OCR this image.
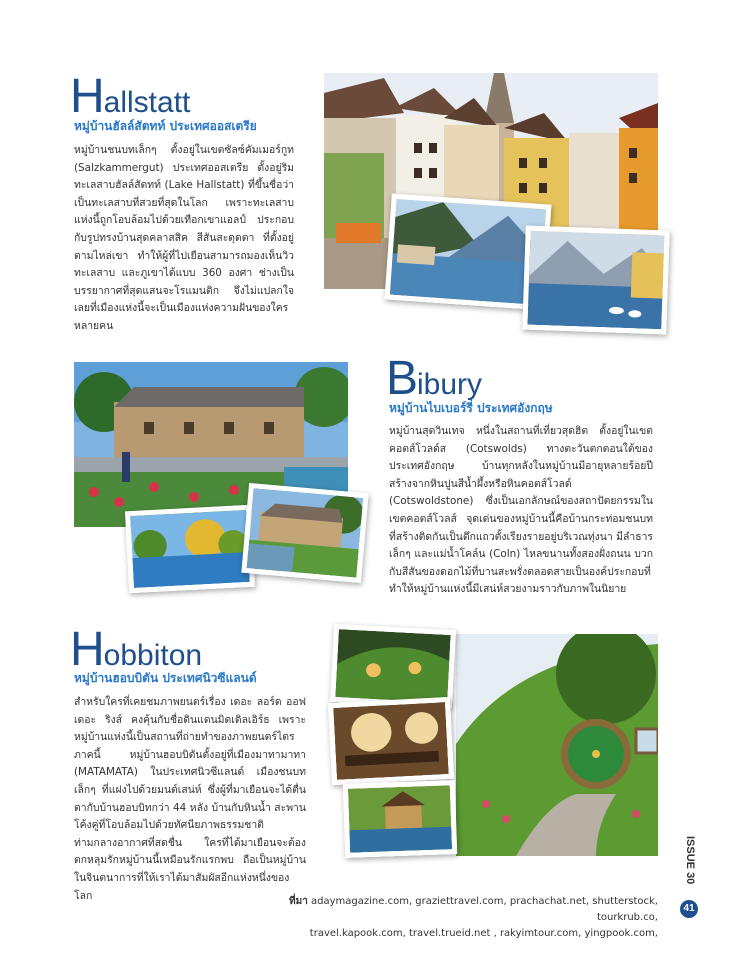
Hallstatt
หมู่บ้านฮัลล์สัตทท์ ประเทศออสเตรีย
หมู่บ้านชนบทเล็กๆ ตั้งอยู่ในเขตซัลซ์คัมเมอร์กูท (Salzkammergut) ประเทศออสเตรีย ตั้งอยู่ริมทะเลสาบฮัลล์สัตทท์ (Lake Hallstatt) ที่ขึ้นชื่อว่าเป็นทะเลสาบที่สวยที่สุดในโลก เพราะทะเลสาบแห่งนี้ถูกโอบล้อมไปด้วยเทือกเขาแอลป์ ประกอบกับรูปทรงบ้านสุดคลาสสิค สีสันสะดุดตา ที่ตั้งอยู่ตามไหล่เขา ทำให้ผู้ที่ไปเยือนสามารถมองเห็นวิวทะเลสาบ และภูเขาได้แบบ 360 องศา ช่างเป็นบรรยากาศที่สุดแสนจะโรแมนติก จึงไม่แปลกใจเลยที่เมืองแห่งนี้จะเป็นเมืองแห่งความฝันของใครหลายคน
Bibury
หมู่บ้านไบเบอร์รี่ ประเทศอังกฤษ
หมู่บ้านสุดวินเทจ หนึ่งในสถานที่เที่ยวสุดฮิต ตั้งอยู่ในเขตคอตส์โวลด์ส (Cotswolds) ทางตะวันตกตอนใต้ของประเทศอังกฤษ บ้านทุกหลังในหมู่บ้านมีอายุหลายร้อยปี สร้างจากหินปูนสีน้ำผึ้งหรือหินคอตส์โวลด์ (Cotswoldstone) ซึ่งเป็นเอกลักษณ์ของสถาปัตยกรรมในเขตคอตส์โวลส์ จุดเด่นของหมู่บ้านนี้คือบ้านกระท่อมชนบทที่สร้างติดกันเป็นตึกแถวตั้งเรียงรายอยู่บริเวณทุ่งนา มีลำธารเล็กๆ และแม่น้ำโคล์น (Coln) ไหลขนานทั้งสองฝั่งถนน บวกกับสีสันของดอกไม้ที่บานสะพรั่งตลอดสายเป็นองค์ประกอบที่ทำให้หมู่บ้านแห่งนี้มีเสน่ห์สวยงามราวกับภาพในนิยาย
Hobbiton
หมู่บ้านฮอบบิตัน ประเทศนิวซีแลนด์
สำหรับใครที่เคยชมภาพยนตร์เรื่อง เดอะ ลอร์ด ออฟ เดอะ ริงส์ คงคุ้นกับชื่อดินแดนมิดเดิลเอิร์ธ เพราะหมู่บ้านแห่งนี้เป็นสถานที่ถ่ายทำของภาพยนตร์ไตรภาคนี้ หมู่บ้านฮอบบิตันตั้งอยู่ที่เมืองมาทามาทา (MATAMATA) ในประเทศนิวซีแลนด์ เมืองชนบทเล็กๆ ที่แฝงไปด้วยมนต์เสน่ห์ ซึ่งผู้ที่มาเยือนจะได้ตื่นตากับบ้านฮอบบิทกว่า 44 หลัง บ้านกับหินน้ำ สะพานโค้งคู่ที่โอบล้อมไปด้วยทัศนียภาพธรรมชาติ ท่ามกลางอากาศที่สดชื่น ใครที่ได้มาเยือนจะต้องตกหลุมรักหมู่บ้านนี้เหมือนรักแรกพบ ถือเป็นหมู่บ้านในจินตนาการที่ให้เราได้มาสัมผัสอีกแห่งหนึ่งของโลก	ที่มา adaymagazine.com, graziettravel.com, prachachat.net, shutterstock, tourkrub.co,
travel.kapook.com, travel.trueid.net , rakyimtour.com, yingpook.com,
ISSUE 30
41
